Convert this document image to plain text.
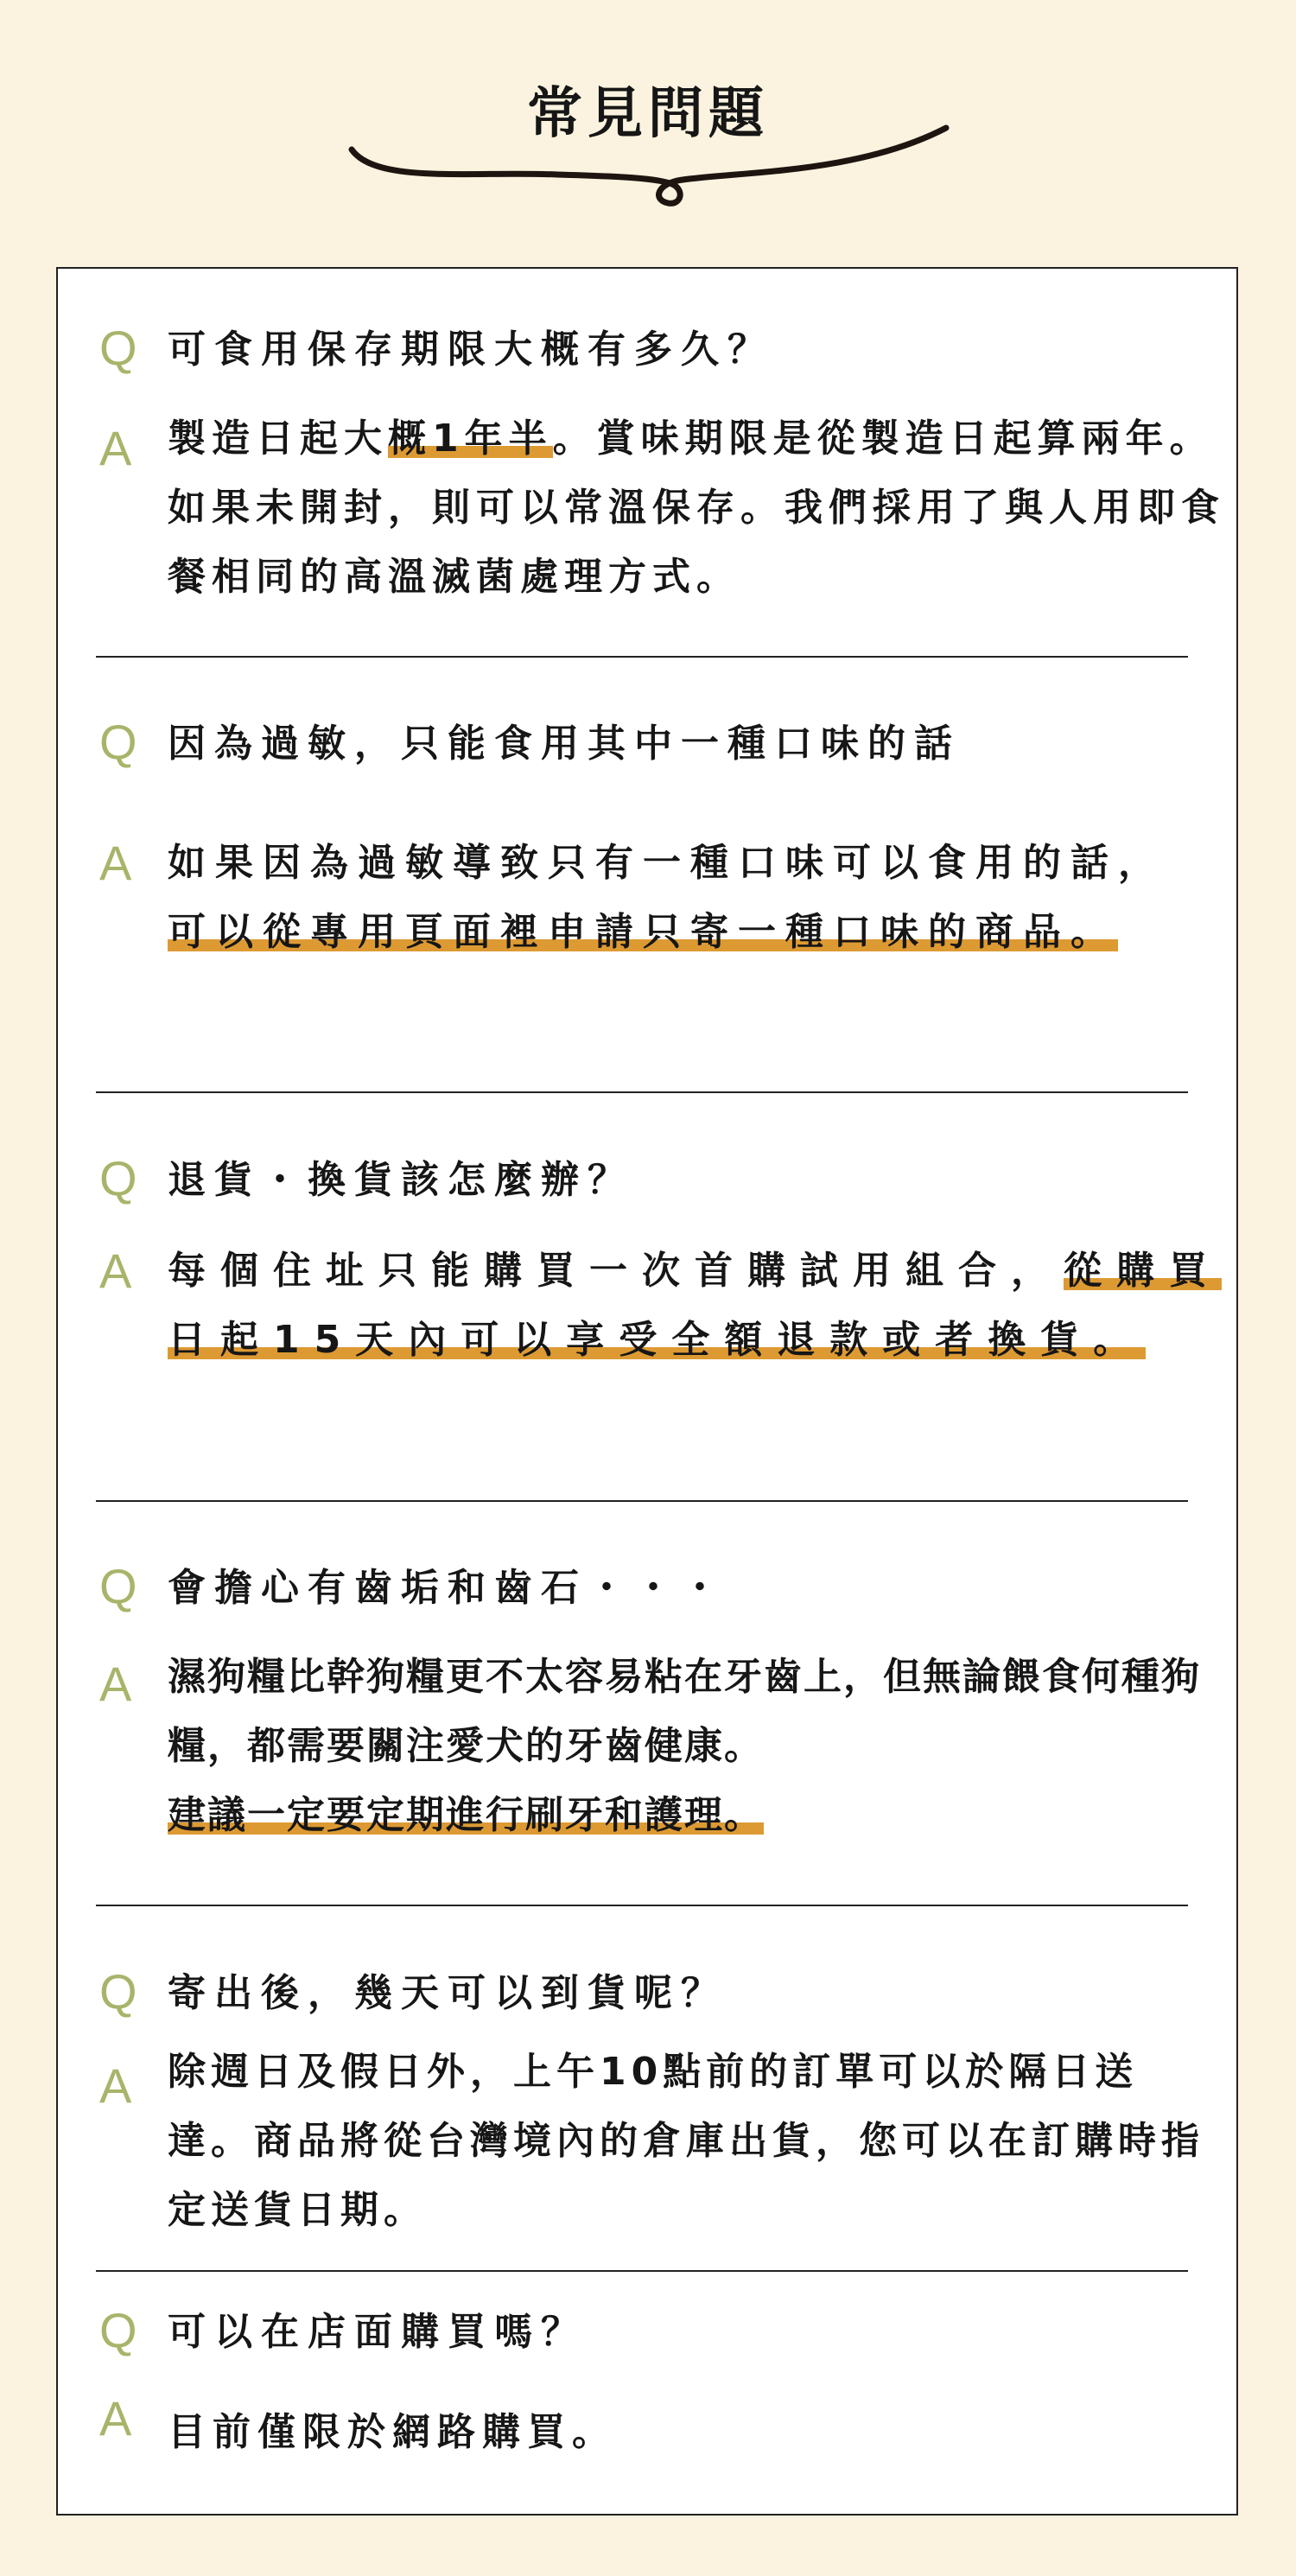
常見問題
Q 可食用保存期限大概有多久？
A 製造日起大概1年半。賞味期限是從製造日起算兩年。如果未開封，則可以常溫保存。我們採用了與人用即食餐相同的高溫滅菌處理方式。
Q 因為過敏，只能食用其中一種口味的話
A 如果因為過敏導致只有一種口味可以食用的話，可以從專用頁面裡申請只寄一種口味的商品。
Q 退貨・換貨該怎麼辦？
A 每個住址只能購買一次首購試用組合，從購買日起15天內可以享受全額退款或者換貨。
Q 會擔心有齒垢和齒石・・・
A 濕狗糧比幹狗糧更不太容易粘在牙齒上，但無論餵食何種狗糧，都需要關注愛犬的牙齒健康。
建議一定要定期進行刷牙和護理。
Q 寄出後，幾天可以到貨呢？
A 除週日及假日外，上午10點前的訂單可以於隔日送達。商品將從台灣境內的倉庫出貨，您可以在訂購時指定送貨日期。
Q 可以在店面購買嗎？
A 目前僅限於網路購買。
